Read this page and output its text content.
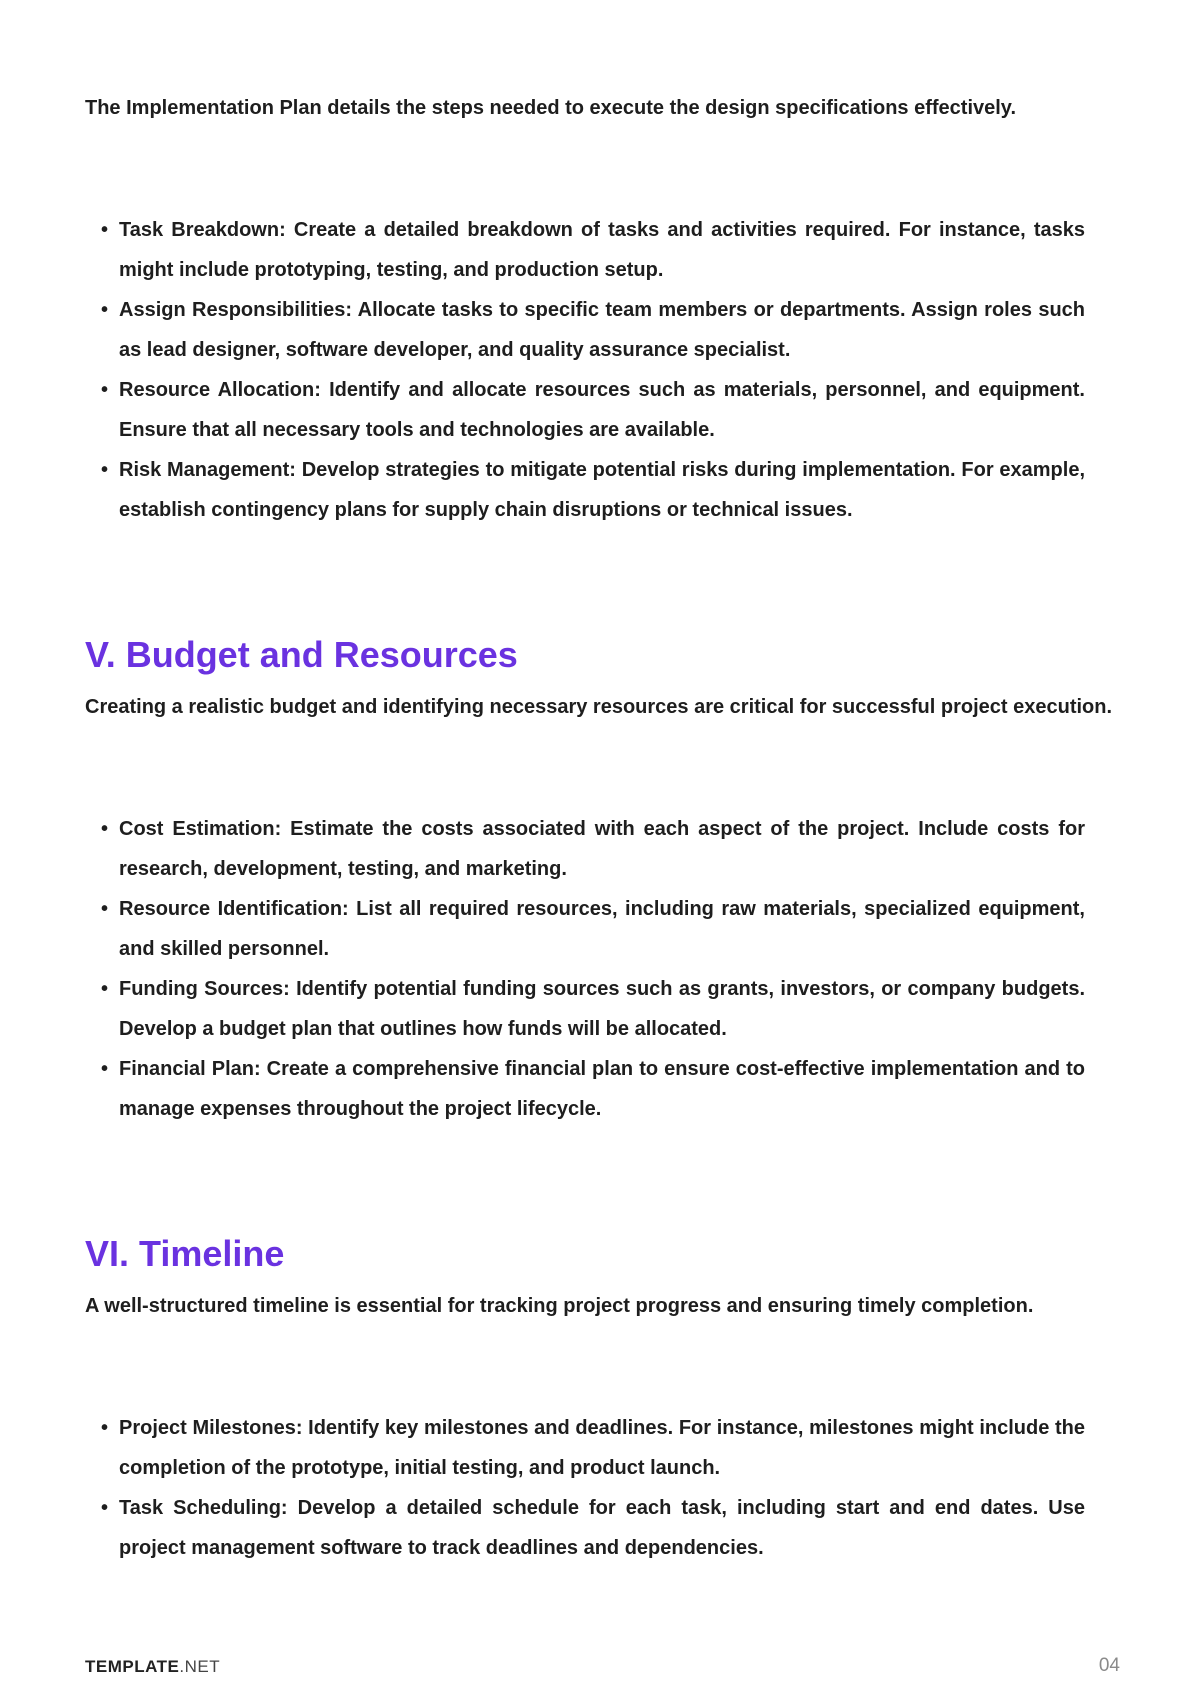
The Implementation Plan details the steps needed to execute the design specifications effectively.

• Task Breakdown: Create a detailed breakdown of tasks and activities required. For instance, tasks might include prototyping, testing, and production setup.
• Assign Responsibilities: Allocate tasks to specific team members or departments. Assign roles such as lead designer, software developer, and quality assurance specialist.
• Resource Allocation: Identify and allocate resources such as materials, personnel, and equipment. Ensure that all necessary tools and technologies are available.
• Risk Management: Develop strategies to mitigate potential risks during implementation. For example, establish contingency plans for supply chain disruptions or technical issues.
V. Budget and Resources

Creating a realistic budget and identifying necessary resources are critical for successful project execution.

• Cost Estimation: Estimate the costs associated with each aspect of the project. Include costs for research, development, testing, and marketing.
• Resource Identification: List all required resources, including raw materials, specialized equipment, and skilled personnel.
• Funding Sources: Identify potential funding sources such as grants, investors, or company budgets. Develop a budget plan that outlines how funds will be allocated.
• Financial Plan: Create a comprehensive financial plan to ensure cost-effective implementation and to manage expenses throughout the project lifecycle.
VI. Timeline

A well-structured timeline is essential for tracking project progress and ensuring timely completion.

• Project Milestones: Identify key milestones and deadlines. For instance, milestones might include the completion of the prototype, initial testing, and product launch.
• Task Scheduling: Develop a detailed schedule for each task, including start and end dates. Use project management software to track deadlines and dependencies.
TEMPLATE.NET	04
